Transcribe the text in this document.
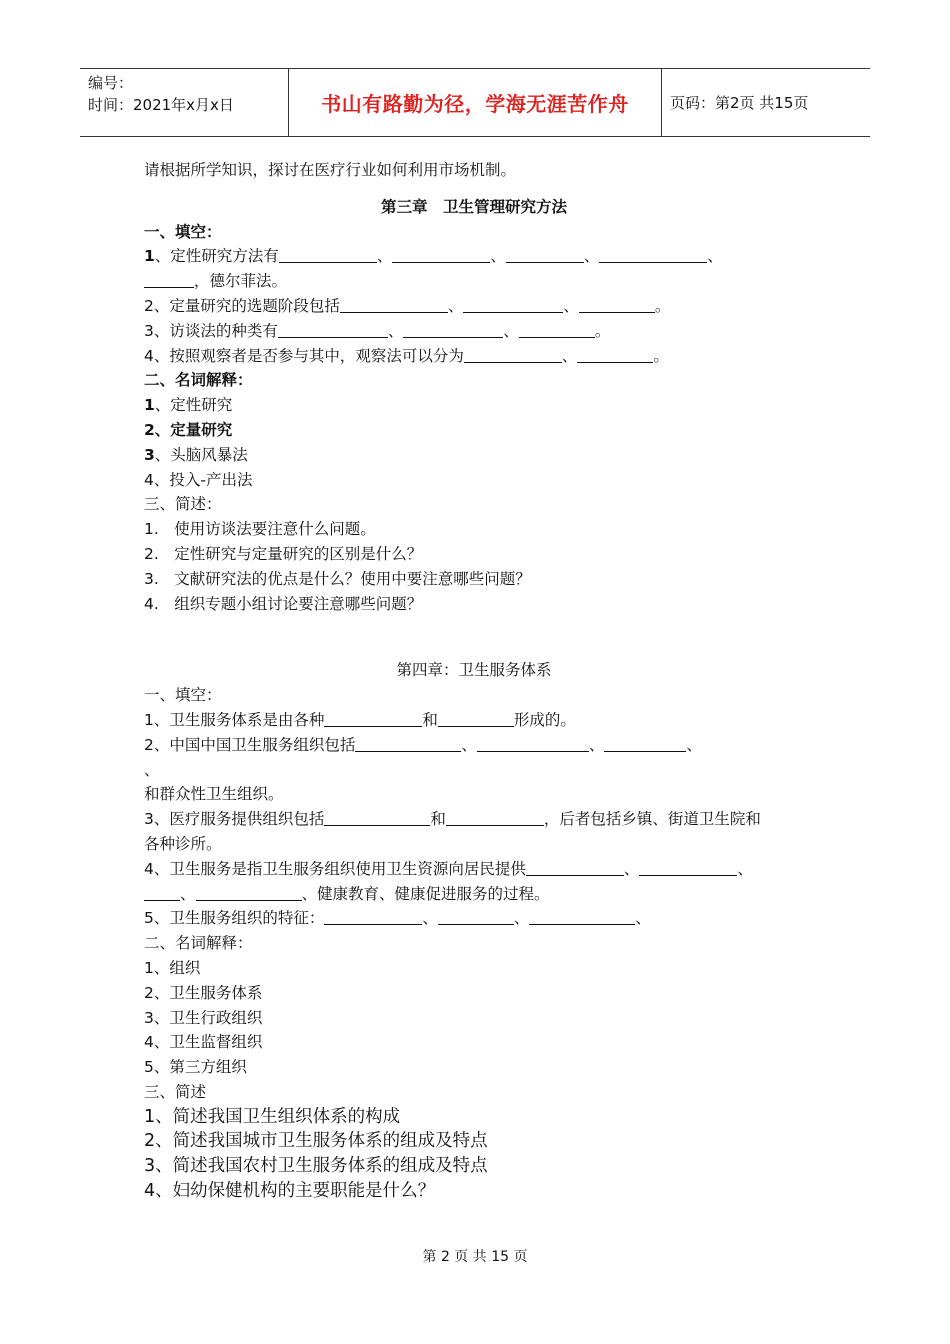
编号：
时间：2021年x月x日	书山有路勤为径，学海无涯苦作舟	页码：第2页 共15页
请根据所学知识，探讨在医疗行业如何利用市场机制。
第三章　卫生管理研究方法
一、填空：
1、定性研究方法有	、	、	、	、
，德尔菲法。
2、定量研究的选题阶段包括	、	、	。
3、访谈法的种类有	、	、	。
4、按照观察者是否参与其中，观察法可以分为	、	。
二、名词解释：
1、定性研究
2、定量研究
3、头脑风暴法
4、投入-产出法
三、简述：
1.　使用访谈法要注意什么问题。
2.　定性研究与定量研究的区别是什么？
3.　文献研究法的优点是什么？使用中要注意哪些问题？
4.　组织专题小组讨论要注意哪些问题？
第四章：卫生服务体系
一、填空：
1、卫生服务体系是由各种	和	形成的。
2、中国中国卫生服务组织包括	、	、	、
、
和群众性卫生组织。
3、医疗服务提供组织包括	和	，后者包括乡镇、街道卫生院和
各种诊所。
4、卫生服务是指卫生服务组织使用卫生资源向居民提供	、	、
、	、健康教育、健康促进服务的过程。
5、卫生服务组织的特征：	、	、	、
二、名词解释：
1、组织
2、卫生服务体系
3、卫生行政组织
4、卫生监督组织
5、第三方组织
三、简述
1、简述我国卫生组织体系的构成
2、简述我国城市卫生服务体系的组成及特点
3、简述我国农村卫生服务体系的组成及特点
4、妇幼保健机构的主要职能是什么？
第 2 页 共 15 页
